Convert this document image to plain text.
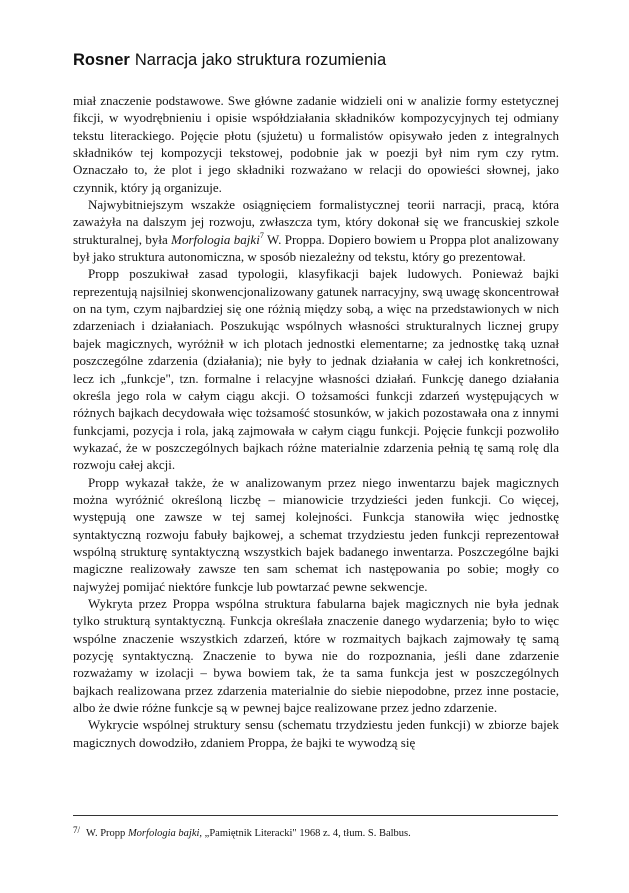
Rosner Narracja jako struktura rozumienia

miał znaczenie podstawowe. Swe główne zadanie widzieli oni w analizie formy estetycznej fikcji, w wyodrębnieniu i opisie współdziałania składników kompozycyjnych tej odmiany tekstu literackiego. Pojęcie płotu (sjużetu) u formalistów opisywało jeden z integralnych składników tej kompozycji tekstowej, podobnie jak w poezji był nim rym czy rytm. Oznaczało to, że plot i jego składniki rozważano w relacji do opowieści słownej, jako czynnik, który ją organizuje.

Najwybitniejszym wszakże osiągnięciem formalistycznej teorii narracji, pracą, która zaważyła na dalszym jej rozwoju, zwłaszcza tym, który dokonał się we francuskiej szkole strukturalnej, była Morfologia bajki$^7$ W. Proppa. Dopiero bowiem u Proppa plot analizowany był jako struktura autonomiczna, w sposób niezależny od tekstu, który go prezentował.

Propp poszukiwał zasad typologii, klasyfikacji bajek ludowych. Ponieważ bajki reprezentują najsilniej skonwencjonalizowany gatunek narracyjny, swą uwagę skoncentrował on na tym, czym najbardziej się one różnią między sobą, a więc na przedstawionych w nich zdarzeniach i działaniach. Poszukując wspólnych własności strukturalnych licznej grupy bajek magicznych, wyróżnił w ich plotach jednostki elementarne; za jednostkę taką uznał poszczególne zdarzenia (działania); nie były to jednak działania w całej ich konkretności, lecz ich „funkcje", tzn. formalne i relacyjne własności działań. Funkcję danego działania określa jego rola w całym ciągu akcji. O tożsamości funkcji zdarzeń występujących w różnych bajkach decydowała więc tożsamość stosunków, w jakich pozostawała ona z innymi funkcjami, pozycja i rola, jaką zajmowała w całym ciągu funkcji. Pojęcie funkcji pozwoliło wykazać, że w poszczególnych bajkach różne materialnie zdarzenia pełnią tę samą rolę dla rozwoju całej akcji.

Propp wykazał także, że w analizowanym przez niego inwentarzu bajek magicznych można wyróżnić określoną liczbę – mianowicie trzydzieści jeden funkcji. Co więcej, występują one zawsze w tej samej kolejności. Funkcja stanowiła więc jednostkę syntaktyczną rozwoju fabuły bajkowej, a schemat trzydziestu jeden funkcji reprezentował wspólną strukturę syntaktyczną wszystkich bajek badanego inwentarza. Poszczególne bajki magiczne realizowały zawsze ten sam schemat ich następowania po sobie; mogły co najwyżej pomijać niektóre funkcje lub powtarzać pewne sekwencje.

Wykryta przez Proppa wspólna struktura fabularna bajek magicznych nie była jednak tylko strukturą syntaktyczną. Funkcja określała znaczenie danego wydarzenia; było to więc wspólne znaczenie wszystkich zdarzeń, które w rozmaitych bajkach zajmowały tę samą pozycję syntaktyczną. Znaczenie to bywa nie do rozpoznania, jeśli dane zdarzenie rozważamy w izolacji – bywa bowiem tak, że ta sama funkcja jest w poszczególnych bajkach realizowana przez zdarzenia materialnie do siebie niepodobne, przez inne postacie, albo że dwie różne funkcje są w pewnej bajce realizowane przez jedno zdarzenie.

Wykrycie wspólnej struktury sensu (schematu trzydziestu jeden funkcji) w zbiorze bajek magicznych dowodziło, zdaniem Proppa, że bajki te wywodzą się

7/ W. Propp Morfologia bajki, „Pamiętnik Literacki" 1968 z. 4, tłum. S. Balbus.
